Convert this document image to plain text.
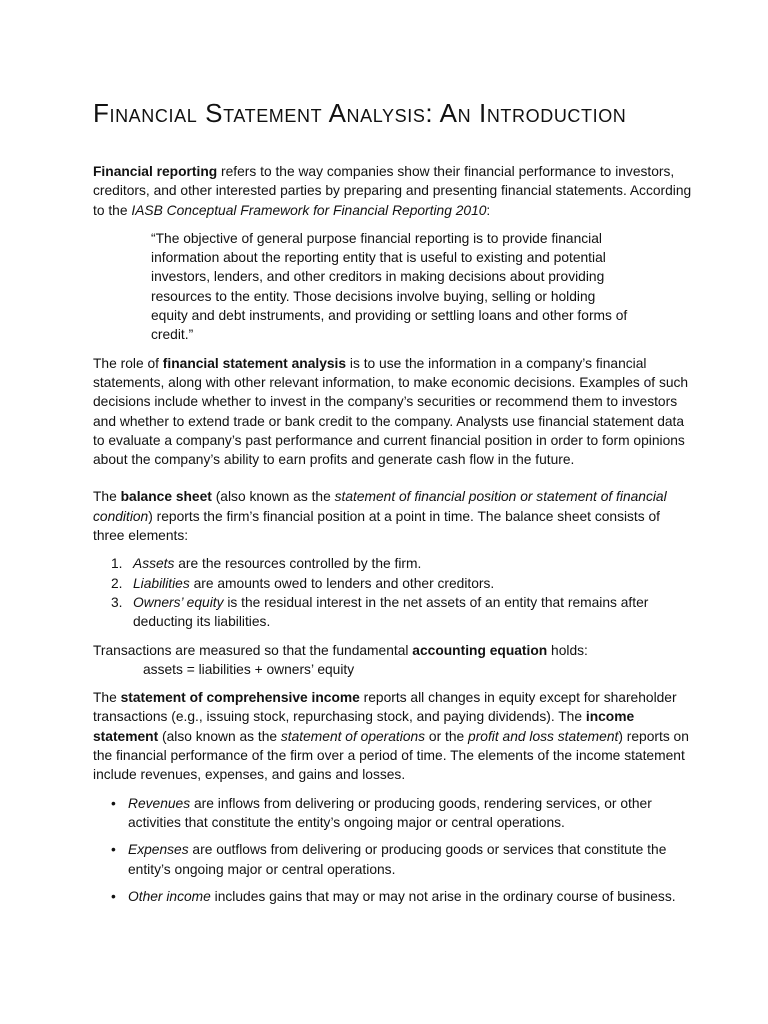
Financial Statement Analysis: An Introduction

Financial reporting refers to the way companies show their financial performance to investors, creditors, and other interested parties by preparing and presenting financial statements. According to the IASB Conceptual Framework for Financial Reporting 2010:

“The objective of general purpose financial reporting is to provide financial information about the reporting entity that is useful to existing and potential investors, lenders, and other creditors in making decisions about providing resources to the entity. Those decisions involve buying, selling or holding equity and debt instruments, and providing or settling loans and other forms of credit.”

The role of financial statement analysis is to use the information in a company’s financial statements, along with other relevant information, to make economic decisions. Examples of such decisions include whether to invest in the company’s securities or recommend them to investors and whether to extend trade or bank credit to the company. Analysts use financial statement data to evaluate a company’s past performance and current financial position in order to form opinions about the company’s ability to earn profits and generate cash flow in the future.

The balance sheet (also known as the statement of financial position or statement of financial condition) reports the firm’s financial position at a point in time. The balance sheet consists of three elements:

1. Assets are the resources controlled by the firm.
2. Liabilities are amounts owed to lenders and other creditors.
3. Owners’ equity is the residual interest in the net assets of an entity that remains after deducting its liabilities.

Transactions are measured so that the fundamental accounting equation holds:

assets = liabilities + owners’ equity

The statement of comprehensive income reports all changes in equity except for shareholder transactions (e.g., issuing stock, repurchasing stock, and paying dividends). The income statement (also known as the statement of operations or the profit and loss statement) reports on the financial performance of the firm over a period of time. The elements of the income statement include revenues, expenses, and gains and losses.

• Revenues are inflows from delivering or producing goods, rendering services, or other activities that constitute the entity’s ongoing major or central operations.
• Expenses are outflows from delivering or producing goods or services that constitute the entity’s ongoing major or central operations.
• Other income includes gains that may or may not arise in the ordinary course of business.
